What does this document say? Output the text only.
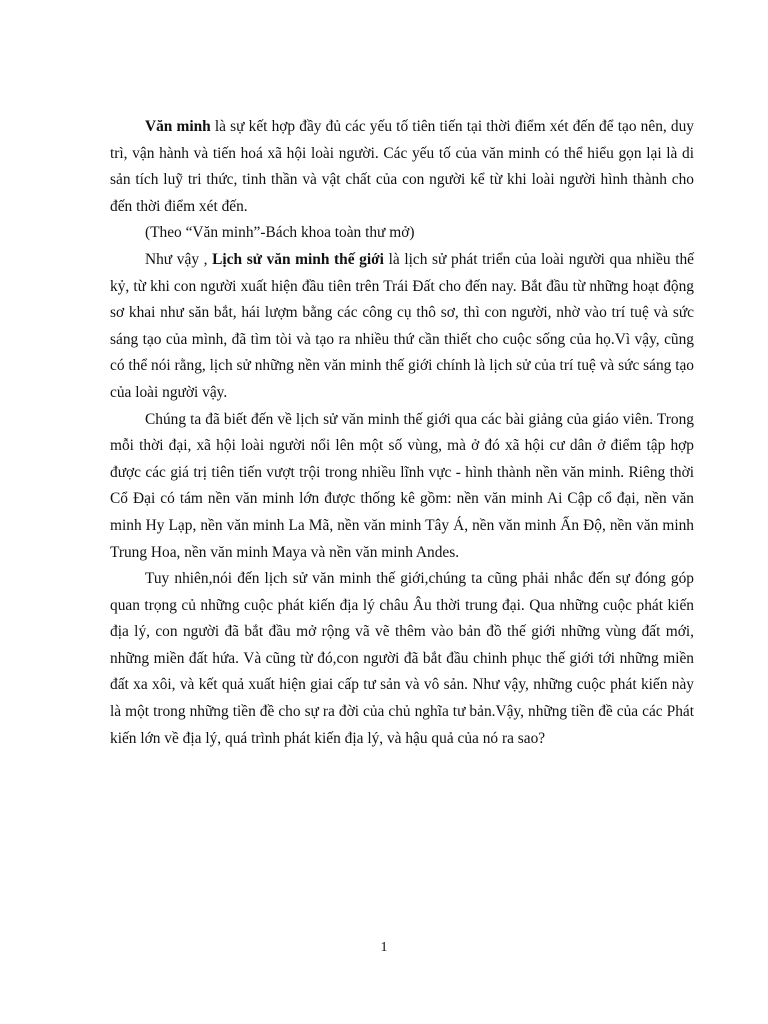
Văn minh là sự kết hợp đầy đủ các yếu tố tiên tiến tại thời điểm xét đến để tạo nên, duy trì, vận hành và tiến hoá xã hội loài người. Các yếu tố của văn minh có thể hiểu gọn lại là di sản tích luỹ tri thức, tinh thần và vật chất của con người kể từ khi loài người hình thành cho đến thời điểm xét đến.

(Theo “Văn minh”-Bách khoa toàn thư mở)

Như vậy , Lịch sử văn minh thế giới là lịch sử phát triển của loài người qua nhiều thế kỷ, từ khi con người xuất hiện đầu tiên trên Trái Đất cho đến nay. Bắt đầu từ những hoạt động sơ khai như săn bắt, hái lượm bằng các công cụ thô sơ, thì con người, nhờ vào trí tuệ và sức sáng tạo của mình, đã tìm tòi và tạo ra nhiều thứ cần thiết cho cuộc sống của họ.Vì vậy, cũng có thể nói rằng, lịch sử những nền văn minh thế giới chính là lịch sử của trí tuệ và sức sáng tạo của loài người vậy.

Chúng ta đã biết đến về lịch sử văn minh thế giới qua các bài giảng của giáo viên. Trong mỗi thời đại, xã hội loài người nổi lên một số vùng, mà ở đó xã hội cư dân ở điểm tập hợp được các giá trị tiên tiến vượt trội trong nhiều lĩnh vực - hình thành nền văn minh. Riêng thời Cổ Đại có tám nền văn minh lớn được thống kê gồm: nền văn minh Ai Cập cổ đại, nền văn minh Hy Lạp, nền văn minh La Mã, nền văn minh Tây Á, nền văn minh Ấn Độ, nền văn minh Trung Hoa, nền văn minh Maya và nền văn minh Andes.

Tuy nhiên,nói đến lịch sử văn minh thế giới,chúng ta cũng phải nhắc đến sự đóng góp quan trọng củ những cuộc phát kiến địa lý châu Âu thời trung đại. Qua những cuộc phát kiến địa lý, con người đã bắt đầu mở rộng vã vẽ thêm vào bản đồ thế giới những vùng đất mới, những miền đất hứa. Và cũng từ đó,con người đã bắt đầu chinh phục thế giới tới những miền đất xa xôi, và kết quả xuất hiện giai cấp tư sản và vô sản. Như vậy, những cuộc phát kiến này là một trong những tiền đề cho sự ra đời của chủ nghĩa tư bản.Vậy, những tiền đề của các Phát kiến lớn về địa lý, quá trình phát kiến địa lý, và hậu quả của nó ra sao?

1
